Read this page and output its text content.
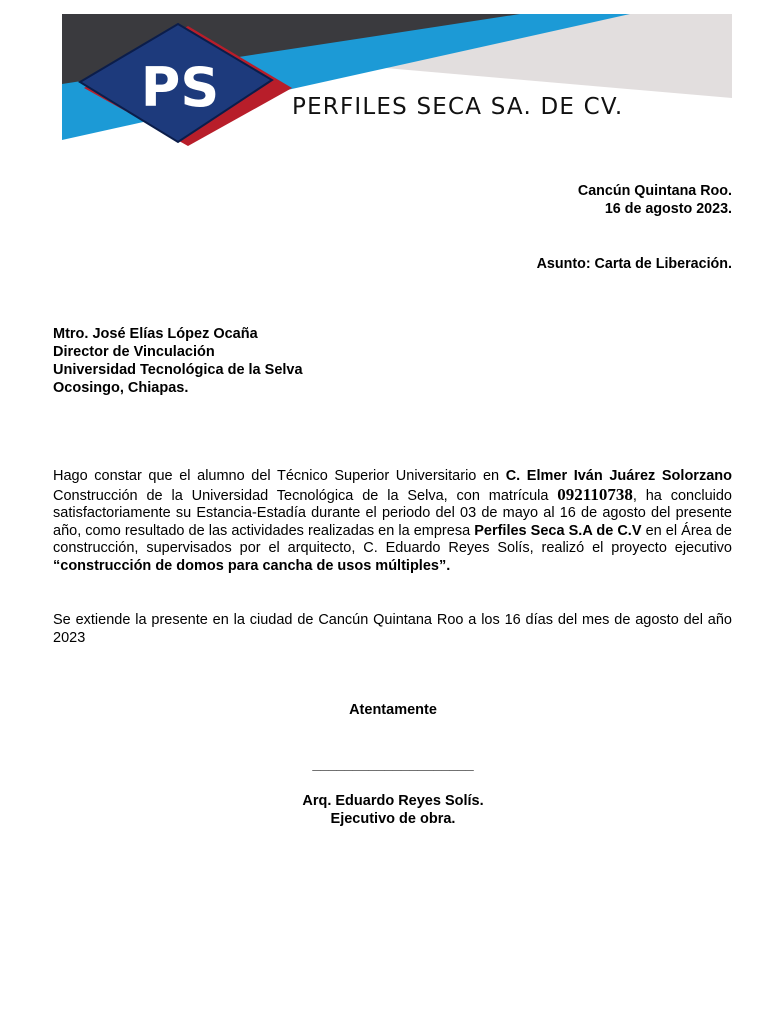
PS	PERFILES SECA SA. DE CV.
Cancún Quintana Roo.
16 de agosto 2023.
Asunto: Carta de Liberación.
Mtro. José Elías López Ocaña
Director de Vinculación
Universidad Tecnológica de la Selva
Ocosingo, Chiapas.
Hago constar que el alumno del Técnico Superior Universitario en C. Elmer Iván Juárez Solorzano Construcción de la Universidad Tecnológica de la Selva, con matrícula 092110738, ha concluido satisfactoriamente su Estancia-Estadía durante el periodo del 03 de mayo al 16 de agosto del presente año, como resultado de las actividades realizadas en la empresa Perfiles Seca S.A de C.V en el Área de construcción, supervisados por el arquitecto, C. Eduardo Reyes Solís, realizó el proyecto ejecutivo “construcción de domos para cancha de usos múltiples”.
Se extiende la presente en la ciudad de Cancún Quintana Roo a los 16 días del mes de agosto del año 2023
Atentamente
____________________
Arq. Eduardo Reyes Solís.
Ejecutivo de obra.
